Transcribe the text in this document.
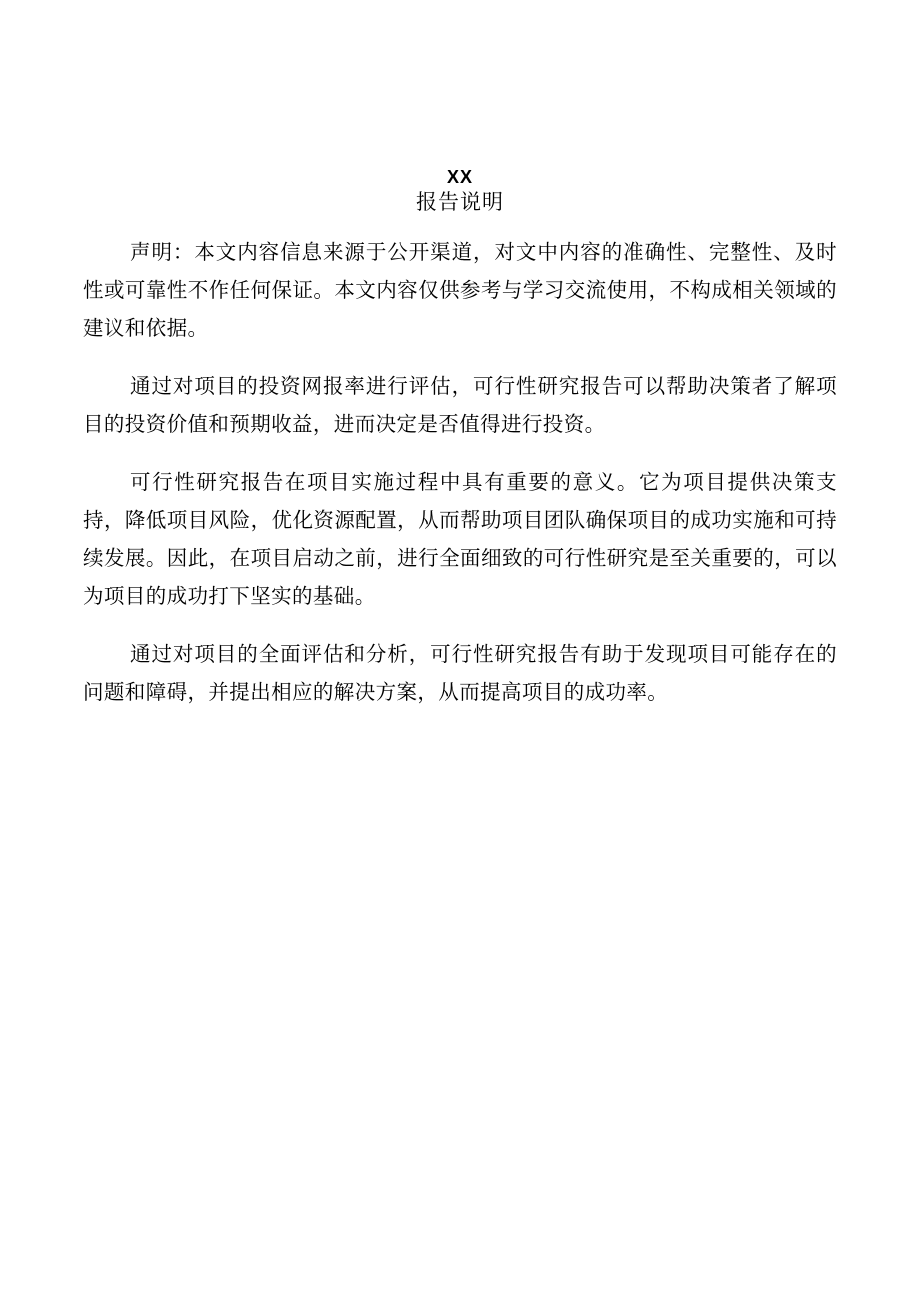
XX
报告说明

声明：本文内容信息来源于公开渠道，对文中内容的准确性、完整性、及时性或可靠性不作任何保证。本文内容仅供参考与学习交流使用，不构成相关领域的建议和依据。

通过对项目的投资网报率进行评估，可行性研究报告可以帮助决策者了解项目的投资价值和预期收益，进而决定是否值得进行投资。

可行性研究报告在项目实施过程中具有重要的意义。它为项目提供决策支持，降低项目风险，优化资源配置，从而帮助项目团队确保项目的成功实施和可持续发展。因此，在项目启动之前，进行全面细致的可行性研究是至关重要的，可以为项目的成功打下坚实的基础。

通过对项目的全面评估和分析，可行性研究报告有助于发现项目可能存在的问题和障碍，并提出相应的解决方案，从而提高项目的成功率。
